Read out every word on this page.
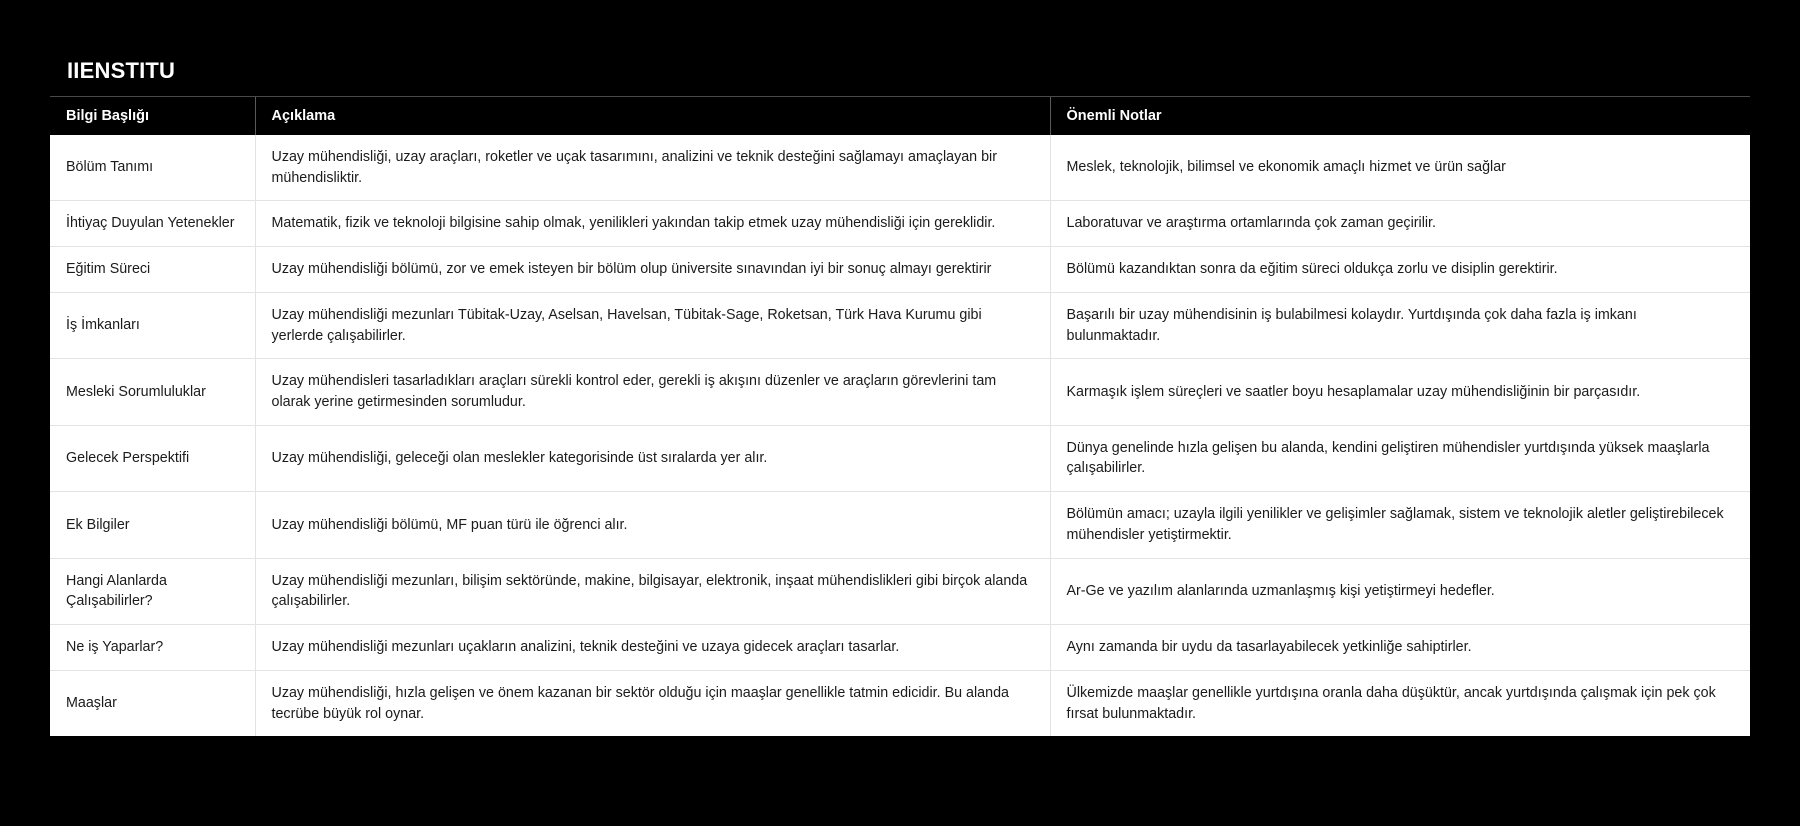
IIENSTITU
Bilgi Başlığı	Açıklama	Önemli Notlar
Bölüm Tanımı	Uzay mühendisliği, uzay araçları, roketler ve uçak tasarımını, analizini ve teknik desteğini sağlamayı amaçlayan bir mühendisliktir.	Meslek, teknolojik, bilimsel ve ekonomik amaçlı hizmet ve ürün sağlar
İhtiyaç Duyulan Yetenekler	Matematik, fizik ve teknoloji bilgisine sahip olmak, yenilikleri yakından takip etmek uzay mühendisliği için gereklidir.	Laboratuvar ve araştırma ortamlarında çok zaman geçirilir.
Eğitim Süreci	Uzay mühendisliği bölümü, zor ve emek isteyen bir bölüm olup üniversite sınavından iyi bir sonuç almayı gerektirir	Bölümü kazandıktan sonra da eğitim süreci oldukça zorlu ve disiplin gerektirir.
İş İmkanları	Uzay mühendisliği mezunları Tübitak-Uzay, Aselsan, Havelsan, Tübitak-Sage, Roketsan, Türk Hava Kurumu gibi yerlerde çalışabilirler.	Başarılı bir uzay mühendisinin iş bulabilmesi kolaydır. Yurtdışında çok daha fazla iş imkanı bulunmaktadır.
Mesleki Sorumluluklar	Uzay mühendisleri tasarladıkları araçları sürekli kontrol eder, gerekli iş akışını düzenler ve araçların görevlerini tam olarak yerine getirmesinden sorumludur.	Karmaşık işlem süreçleri ve saatler boyu hesaplamalar uzay mühendisliğinin bir parçasıdır.
Gelecek Perspektifi	Uzay mühendisliği, geleceği olan meslekler kategorisinde üst sıralarda yer alır.	Dünya genelinde hızla gelişen bu alanda, kendini geliştiren mühendisler yurtdışında yüksek maaşlarla çalışabilirler.
Ek Bilgiler	Uzay mühendisliği bölümü, MF puan türü ile öğrenci alır.	Bölümün amacı; uzayla ilgili yenilikler ve gelişimler sağlamak, sistem ve teknolojik aletler geliştirebilecek mühendisler yetiştirmektir.
Hangi Alanlarda Çalışabilirler?	Uzay mühendisliği mezunları, bilişim sektöründe, makine, bilgisayar, elektronik, inşaat mühendislikleri gibi birçok alanda çalışabilirler.	Ar-Ge ve yazılım alanlarında uzmanlaşmış kişi yetiştirmeyi hedefler.
Ne iş Yaparlar?	Uzay mühendisliği mezunları uçakların analizini, teknik desteğini ve uzaya gidecek araçları tasarlar.	Aynı zamanda bir uydu da tasarlayabilecek yetkinliğe sahiptirler.
Maaşlar	Uzay mühendisliği, hızla gelişen ve önem kazanan bir sektör olduğu için maaşlar genellikle tatmin edicidir. Bu alanda tecrübe büyük rol oynar.	Ülkemizde maaşlar genellikle yurtdışına oranla daha düşüktür, ancak yurtdışında çalışmak için pek çok fırsat bulunmaktadır.
